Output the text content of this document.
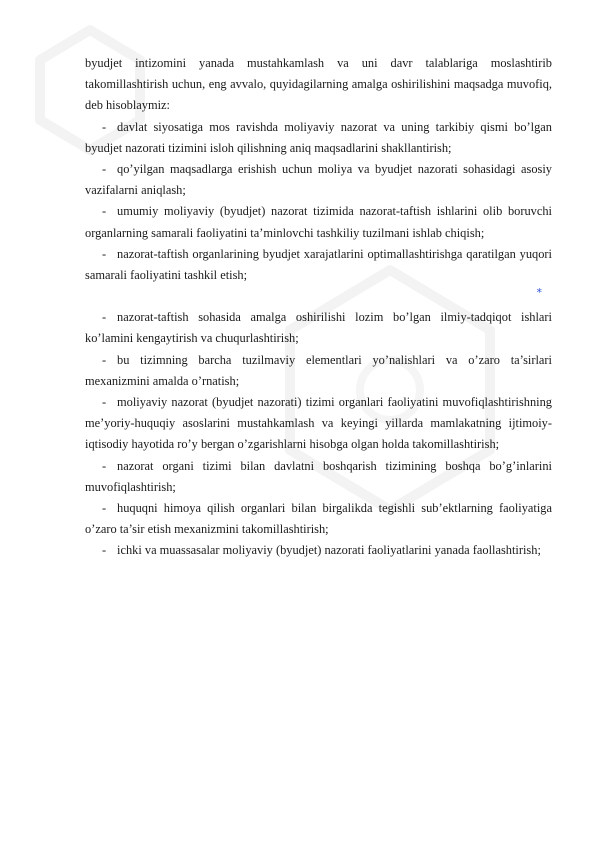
byudjet intizomini yanada mustahkamlash va uni davr talablariga moslashtirib takomillashtirish uchun, eng avvalo, quyidagilarning amalga oshirilishini maqsadga muvofiq, deb hisoblaymiz:

- davlat siyosatiga mos ravishda moliyaviy nazorat va uning tarkibiy qismi bo’lgan byudjet nazorati tizimini isloh qilishning aniq maqsadlarini shakllantirish;

- qo’yilgan maqsadlarga erishish uchun moliya va byudjet nazorati sohasidagi asosiy vazifalarni aniqlash;

- umumiy moliyaviy (byudjet) nazorat tizimida nazorat-taftish ishlarini olib boruvchi organlarning samarali faoliyatini ta’minlovchi tashkiliy tuzilmani ishlab chiqish;

- nazorat-taftish organlarining byudjet xarajatlarini optimallashtirishga qaratilgan yuqori samarali faoliyatini tashkil etish;

*

- nazorat-taftish sohasida amalga oshirilishi lozim bo’lgan ilmiy-tadqiqot ishlari ko’lamini kengaytirish va chuqurlashtirish;

- bu tizimning barcha tuzilmaviy elementlari yo’nalishlari va o’zaro ta’sirlari mexanizmini amalda o’rnatish;

- moliyaviy nazorat (byudjet nazorati) tizimi organlari faoliyatini muvofiqlashtirishning me’yoriy-huquqiy asoslarini mustahkamlash va keyingi yillarda mamlakatning ijtimoiy-iqtisodiy hayotida ro’y bergan o’zgarishlarni hisobga olgan holda takomillashtirish;

- nazorat organi tizimi bilan davlatni boshqarish tizimining boshqa bo’g’inlarini muvofiqlashtirish;

- huquqni himoya qilish organlari bilan birgalikda tegishli sub’ektlarning faoliyatiga o’zaro ta’sir etish mexanizmini takomillashtirish;

- ichki va muassasalar moliyaviy (byudjet) nazorati faoliyatlarini yanada faollashtirish;
